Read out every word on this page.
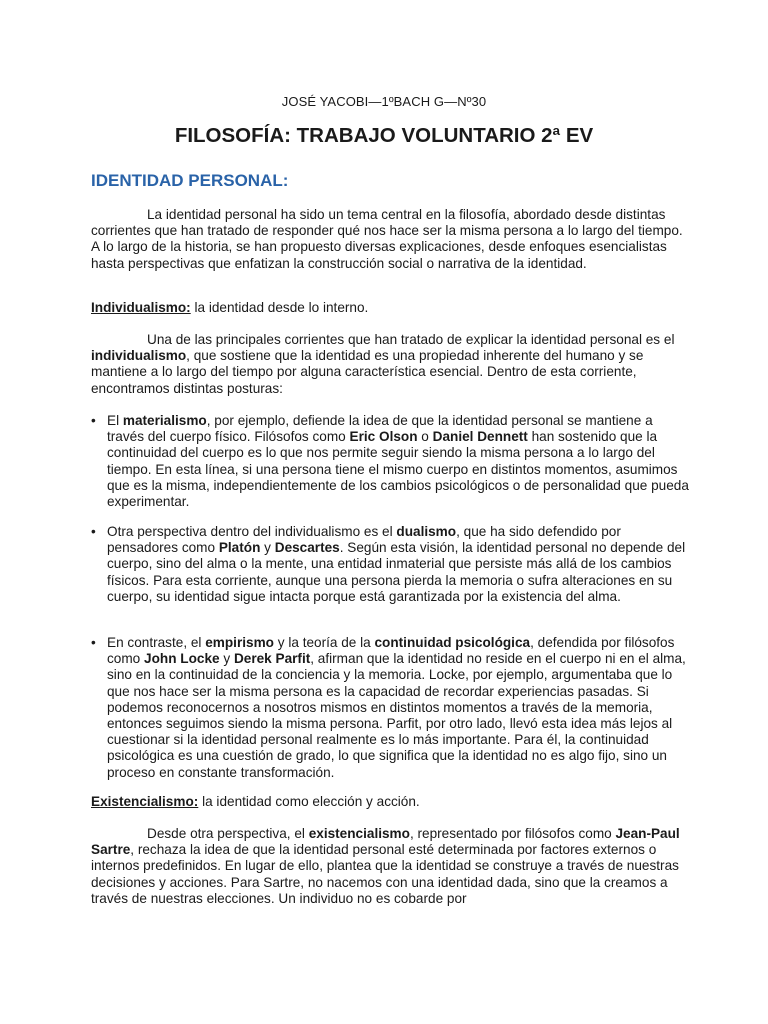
JOSÉ YACOBI—1ºBACH G—Nº30
FILOSOFÍA: TRABAJO VOLUNTARIO 2ª EV
IDENTIDAD PERSONAL:

La identidad personal ha sido un tema central en la filosofía, abordado desde distintas corrientes que han tratado de responder qué nos hace ser la misma persona a lo largo del tiempo. A lo largo de la historia, se han propuesto diversas explicaciones, desde enfoques esencialistas hasta perspectivas que enfatizan la construcción social o narrativa de la identidad.

Individualismo: la identidad desde lo interno.

Una de las principales corrientes que han tratado de explicar la identidad personal es el individualismo, que sostiene que la identidad es una propiedad inherente del humano y se mantiene a lo largo del tiempo por alguna característica esencial. Dentro de esta corriente, encontramos distintas posturas:

• El materialismo, por ejemplo, defiende la idea de que la identidad personal se mantiene a través del cuerpo físico. Filósofos como Eric Olson o Daniel Dennett han sostenido que la continuidad del cuerpo es lo que nos permite seguir siendo la misma persona a lo largo del tiempo. En esta línea, si una persona tiene el mismo cuerpo en distintos momentos, asumimos que es la misma, independientemente de los cambios psicológicos o de personalidad que pueda experimentar.
• Otra perspectiva dentro del individualismo es el dualismo, que ha sido defendido por pensadores como Platón y Descartes. Según esta visión, la identidad personal no depende del cuerpo, sino del alma o la mente, una entidad inmaterial que persiste más allá de los cambios físicos. Para esta corriente, aunque una persona pierda la memoria o sufra alteraciones en su cuerpo, su identidad sigue intacta porque está garantizada por la existencia del alma.
• En contraste, el empirismo y la teoría de la continuidad psicológica, defendida por filósofos como John Locke y Derek Parfit, afirman que la identidad no reside en el cuerpo ni en el alma, sino en la continuidad de la conciencia y la memoria. Locke, por ejemplo, argumentaba que lo que nos hace ser la misma persona es la capacidad de recordar experiencias pasadas. Si podemos reconocernos a nosotros mismos en distintos momentos a través de la memoria, entonces seguimos siendo la misma persona. Parfit, por otro lado, llevó esta idea más lejos al cuestionar si la identidad personal realmente es lo más importante. Para él, la continuidad psicológica es una cuestión de grado, lo que significa que la identidad no es algo fijo, sino un proceso en constante transformación.

Existencialismo: la identidad como elección y acción.

Desde otra perspectiva, el existencialismo, representado por filósofos como Jean-Paul Sartre, rechaza la idea de que la identidad personal esté determinada por factores externos o internos predefinidos. En lugar de ello, plantea que la identidad se construye a través de nuestras decisiones y acciones. Para Sartre, no nacemos con una identidad dada, sino que la creamos a través de nuestras elecciones. Un individuo no es cobarde por
